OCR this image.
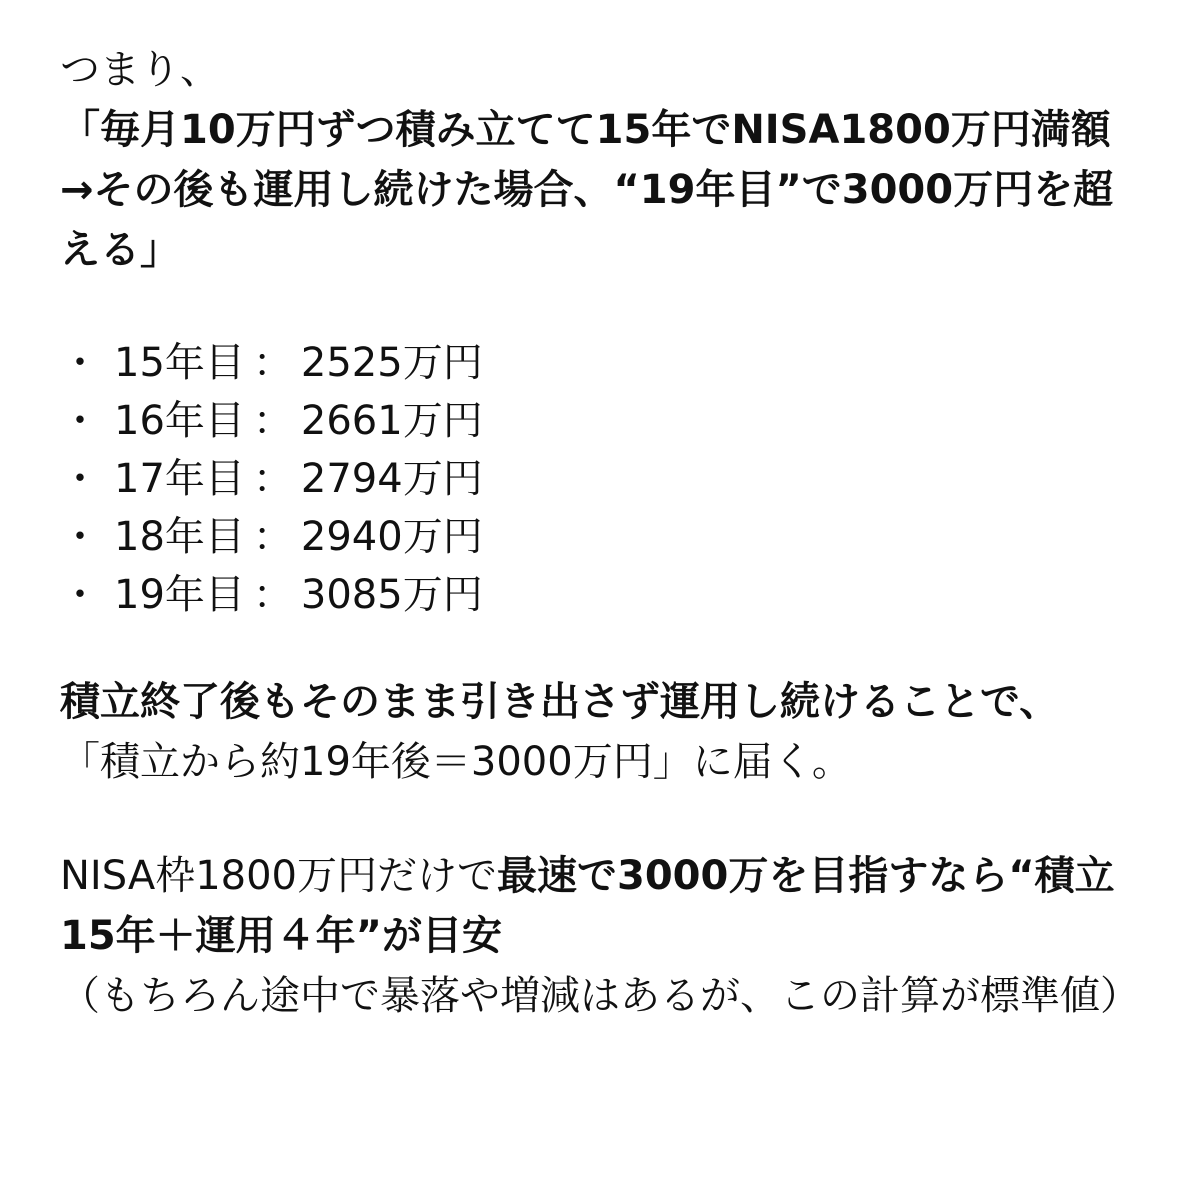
つまり、

「毎月10万円ずつ積み立てて15年でNISA1800万円満額→その後も運用し続けた場合、“19年目”で3000万円を超える」

・ 15年目 ： 2525万円
・ 16年目 ： 2661万円
・ 17年目 ： 2794万円
・ 18年目 ： 2940万円
・ 19年目 ： 3085万円

積立終了後もそのまま引き出さず運用し続けることで、

「積立から約19年後＝3000万円」に届く。

NISA枠1800万円だけで最速で3000万を目指すなら“積立15年＋運用４年”が目安

（もちろん途中で暴落や増減はあるが、この計算が標準値）
